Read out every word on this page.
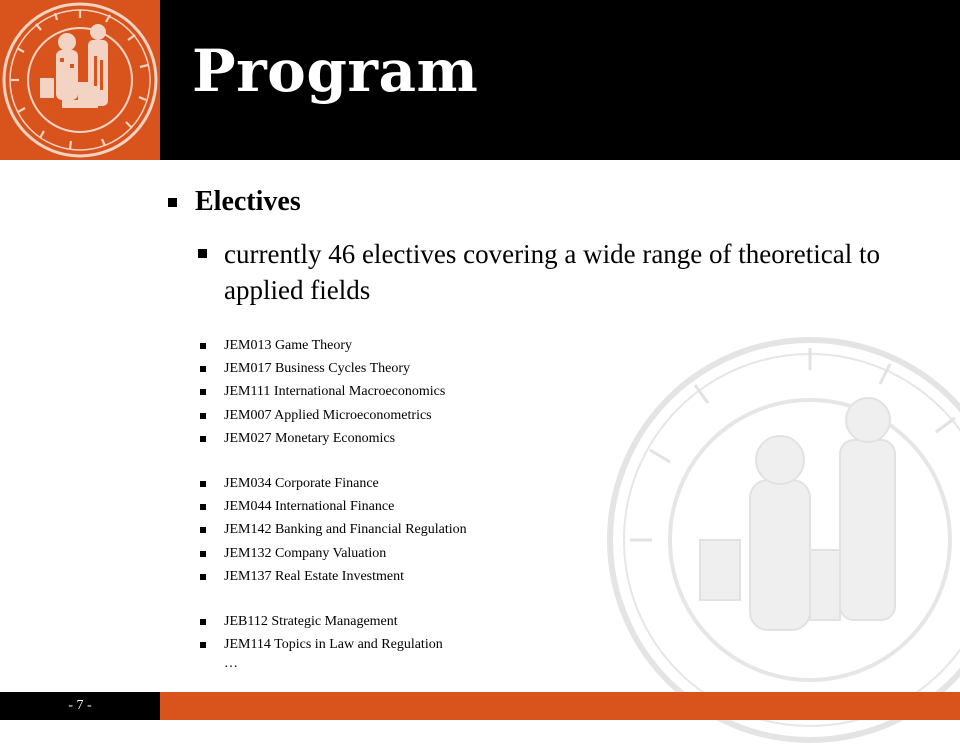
Program
Electives
currently 46 electives covering a wide range of theoretical to applied fields
JEM013 Game Theory
JEM017 Business Cycles Theory
JEM111 International Macroeconomics
JEM007 Applied Microeconometrics
JEM027 Monetary Economics
JEM034 Corporate Finance
JEM044 International Finance
JEM142 Banking and Financial Regulation
JEM132 Company Valuation
JEM137 Real Estate Investment
JEB112 Strategic Management
JEM114 Topics in Law and Regulation
…
- 7 -
